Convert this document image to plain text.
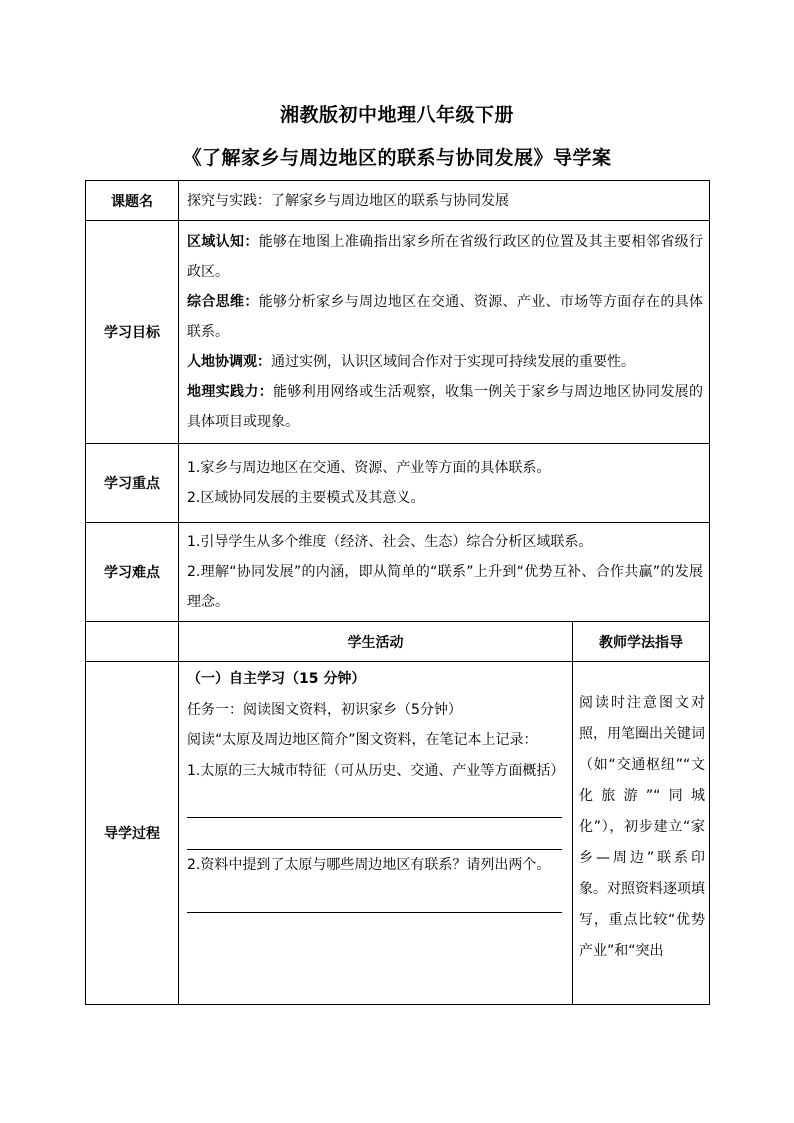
湘教版初中地理八年级下册
《了解家乡与周边地区的联系与协同发展》导学案
课题名	探究与实践：了解家乡与周边地区的联系与协同发展	
学习目标	区域认知：能够在地图上准确指出家乡所在省级行政区的位置及其主要相邻省级行政区。
综合思维：能够分析家乡与周边地区在交通、资源、产业、市场等方面存在的具体联系。
人地协调观：通过实例，认识区域间合作对于实现可持续发展的重要性。
地理实践力：能够利用网络或生活观察，收集一例关于家乡与周边地区协同发展的具体项目或现象。	

学习重点	1.家乡与周边地区在交通、资源、产业等方面的具体联系。
2.区域协同发展的主要模式及其意义。	

学习难点	1.引导学生从多个维度（经济、社会、生态）综合分析区域联系。
2.理解“协同发展”的内涵，即从简单的“联系”上升到“优势互补、合作共赢”的发展理念。	

	学生活动	教师学法指导
导学过程	（一）自主学习（15 分钟）
任务一：阅读图文资料，初识家乡（5分钟）
阅读“太原及周边地区简介”图文资料，在笔记本上记录：
1.太原的三大城市特征（可从历史、交通、产业等方面概括）
2.资料中提到了太原与哪些周边地区有联系？请列出两个。	阅读时注意图文对照，用笔圈出关键词（如“交通枢纽”“文化旅游”“同城化”），初步建立“家乡—周边”联系印象。对照资料逐项填写，重点比较“优势产业”和“突出
